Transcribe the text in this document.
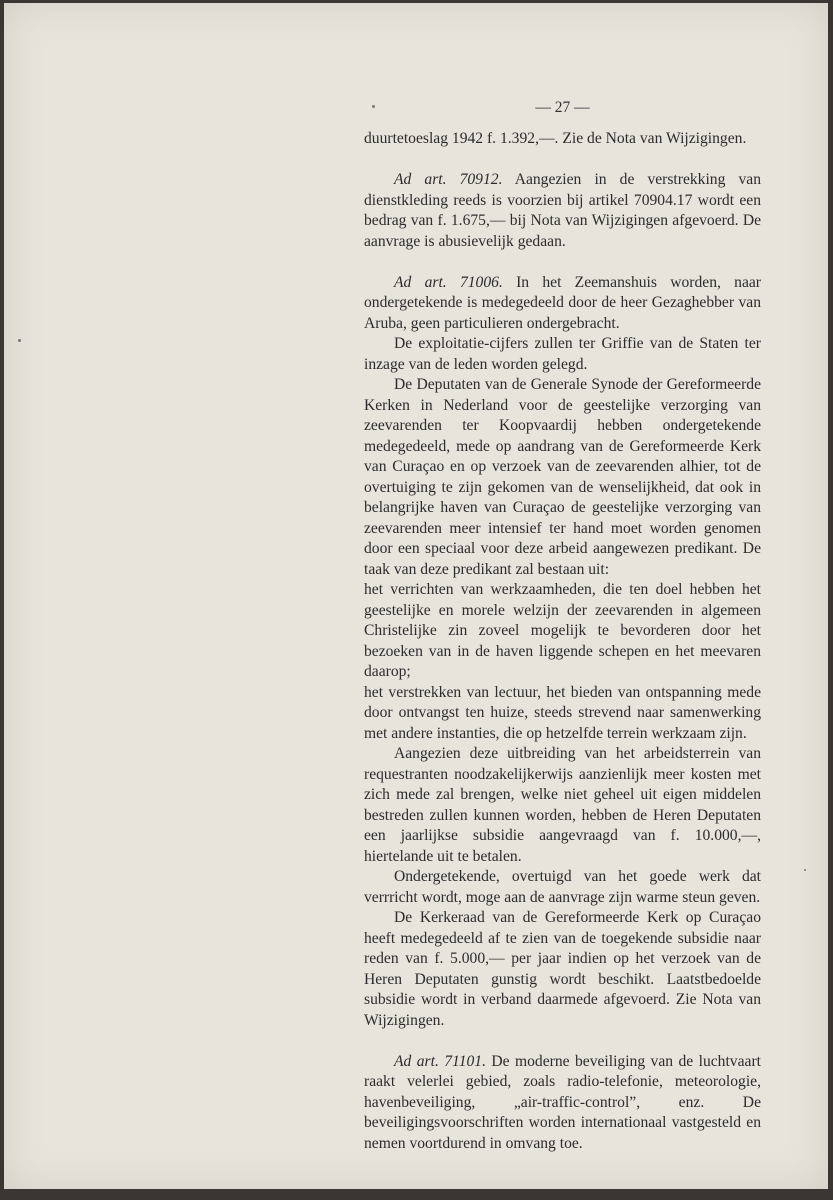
— 27 —

duurtetoeslag 1942 f. 1.392,—. Zie de Nota van Wijzigingen.

Ad art. 70912. Aangezien in de verstrekking van dienstkleding reeds is voorzien bij artikel 70904.17 wordt een bedrag van f. 1.675,— bij Nota van Wijzigingen afgevoerd. De aanvrage is abusievelijk gedaan.

Ad art. 71006. In het Zeemanshuis worden, naar ondergetekende is medegedeeld door de heer Gezaghebber van Aruba, geen particulieren ondergebracht.

De exploitatie-cijfers zullen ter Griffie van de Staten ter inzage van de leden worden gelegd.

De Deputaten van de Generale Synode der Gereformeerde Kerken in Nederland voor de geestelijke verzorging van zeevarenden ter Koopvaardij hebben ondergetekende medegedeeld, mede op aandrang van de Gereformeerde Kerk van Curaçao en op verzoek van de zeevarenden alhier, tot de overtuiging te zijn gekomen van de wenselijkheid, dat ook in belangrijke haven van Curaçao de geestelijke verzorging van zeevarenden meer intensief ter hand moet worden genomen door een speciaal voor deze arbeid aangewezen predikant. De taak van deze predikant zal bestaan uit:

het verrichten van werkzaamheden, die ten doel hebben het geestelijke en morele welzijn der zeevarenden in algemeen Christelijke zin zoveel mogelijk te bevorderen door het bezoeken van in de haven liggende schepen en het meevaren daarop;

het verstrekken van lectuur, het bieden van ontspanning mede door ontvangst ten huize, steeds strevend naar samenwerking met andere instanties, die op hetzelfde terrein werkzaam zijn.

Aangezien deze uitbreiding van het arbeidsterrein van requestranten noodzakelijkerwijs aanzienlijk meer kosten met zich mede zal brengen, welke niet geheel uit eigen middelen bestreden zullen kunnen worden, hebben de Heren Deputaten een jaarlijkse subsidie aangevraagd van f. 10.000,—, hiertelande uit te betalen.

Ondergetekende, overtuigd van het goede werk dat verrricht wordt, moge aan de aanvrage zijn warme steun geven.

De Kerkeraad van de Gereformeerde Kerk op Curaçao heeft medegedeeld af te zien van de toegekende subsidie naar reden van f. 5.000,— per jaar indien op het verzoek van de Heren Deputaten gunstig wordt beschikt. Laatstbedoelde subsidie wordt in verband daarmede afgevoerd. Zie Nota van Wijzigingen.

Ad art. 71101. De moderne beveiliging van de luchtvaart raakt velerlei gebied, zoals radio-telefonie, meteorologie, havenbeveiliging, „air-traffic-control”, enz. De beveiligingsvoorschriften worden internationaal vastgesteld en nemen voortdurend in omvang toe.
